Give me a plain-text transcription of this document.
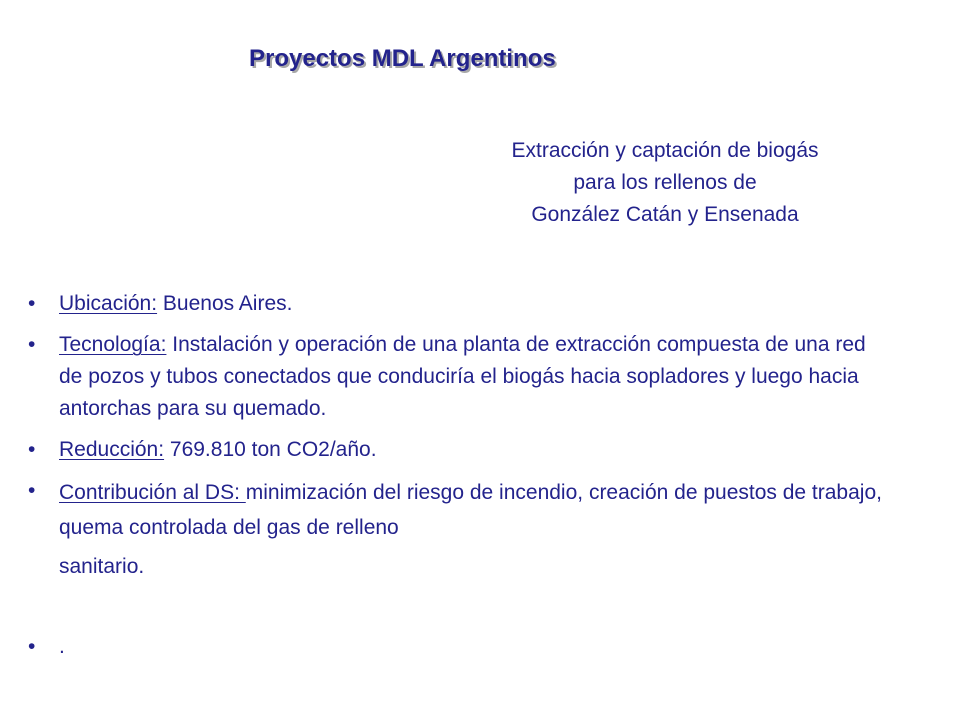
Proyectos MDL Argentinos
Extracción y captación de biogás
para los rellenos de
González Catán y Ensenada
• Ubicación: Buenos Aires.
• Tecnología: Instalación y operación de una planta de extracción compuesta de una red de pozos y tubos conectados que conduciría el biogás hacia sopladores y luego hacia antorchas para su quemado.
• Reducción: 769.810 ton CO2/año.
• Contribución al DS: minimización del riesgo de incendio, creación de puestos de trabajo, quema controlada del gas de relleno
sanitario.
• .
